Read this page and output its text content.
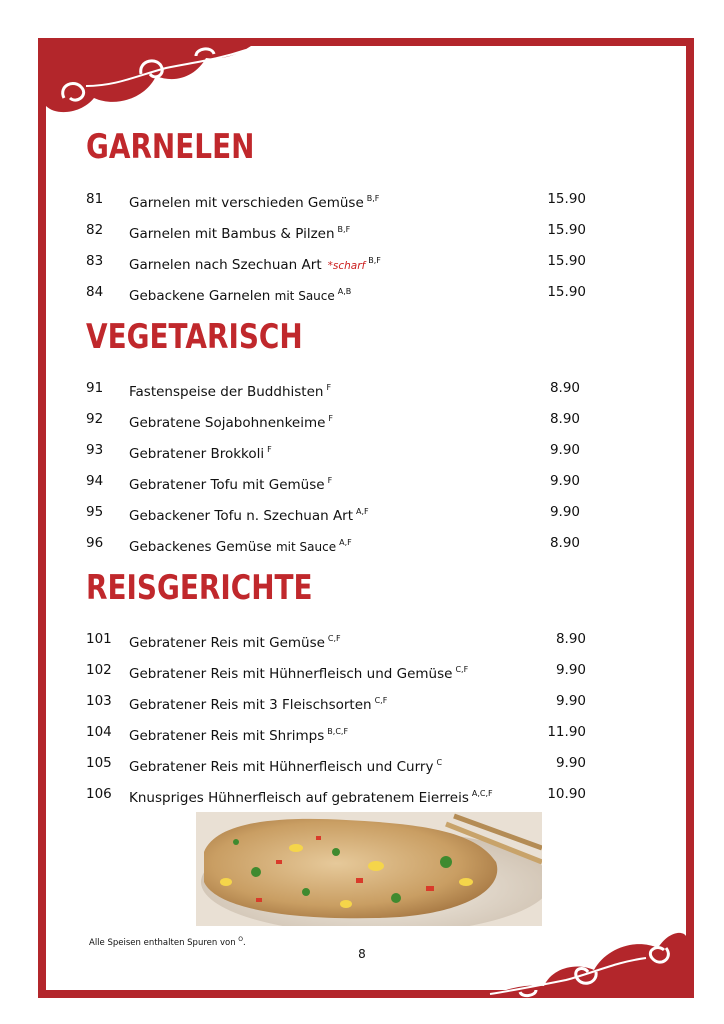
GARNELEN
81 Garnelen mit verschieden Gemüse $^{B,F}$	15.90
82 Garnelen mit Bambus & Pilzen $^{B,F}$	15.90
83 Garnelen nach Szechuan Art *scharf $^{B,F}$	15.90
84 Gebackene Garnelen mit Sauce $^{A,B}$	15.90
VEGETARISCH
91 Fastenspeise der Buddhisten $^F$	8.90
92 Gebratene Sojabohnenkeime $^F$	8.90
93 Gebratener Brokkoli $^F$	9.90
94 Gebratener Tofu mit Gemüse $^F$	9.90
95 Gebackener Tofu n. Szechuan Art $^{A,F}$	9.90
96 Gebackenes Gemüse mit Sauce $^{A,F}$	8.90
REISGERICHTE
101 Gebratener Reis mit Gemüse $^{C,F}$	8.90
102 Gebratener Reis mit Hühnerfleisch und Gemüse $^{C,F}$	9.90
103 Gebratener Reis mit 3 Fleischsorten $^{C,F}$	9.90
104 Gebratener Reis mit Shrimps $^{B,C,F}$	11.90
105 Gebratener Reis mit Hühnerfleisch und Curry $^C$	9.90
106 Knuspriges Hühnerfleisch auf gebratenem Eierreis $^{A,C,F}$	10.90
Alle Speisen enthalten Spuren von $^O$.
8
